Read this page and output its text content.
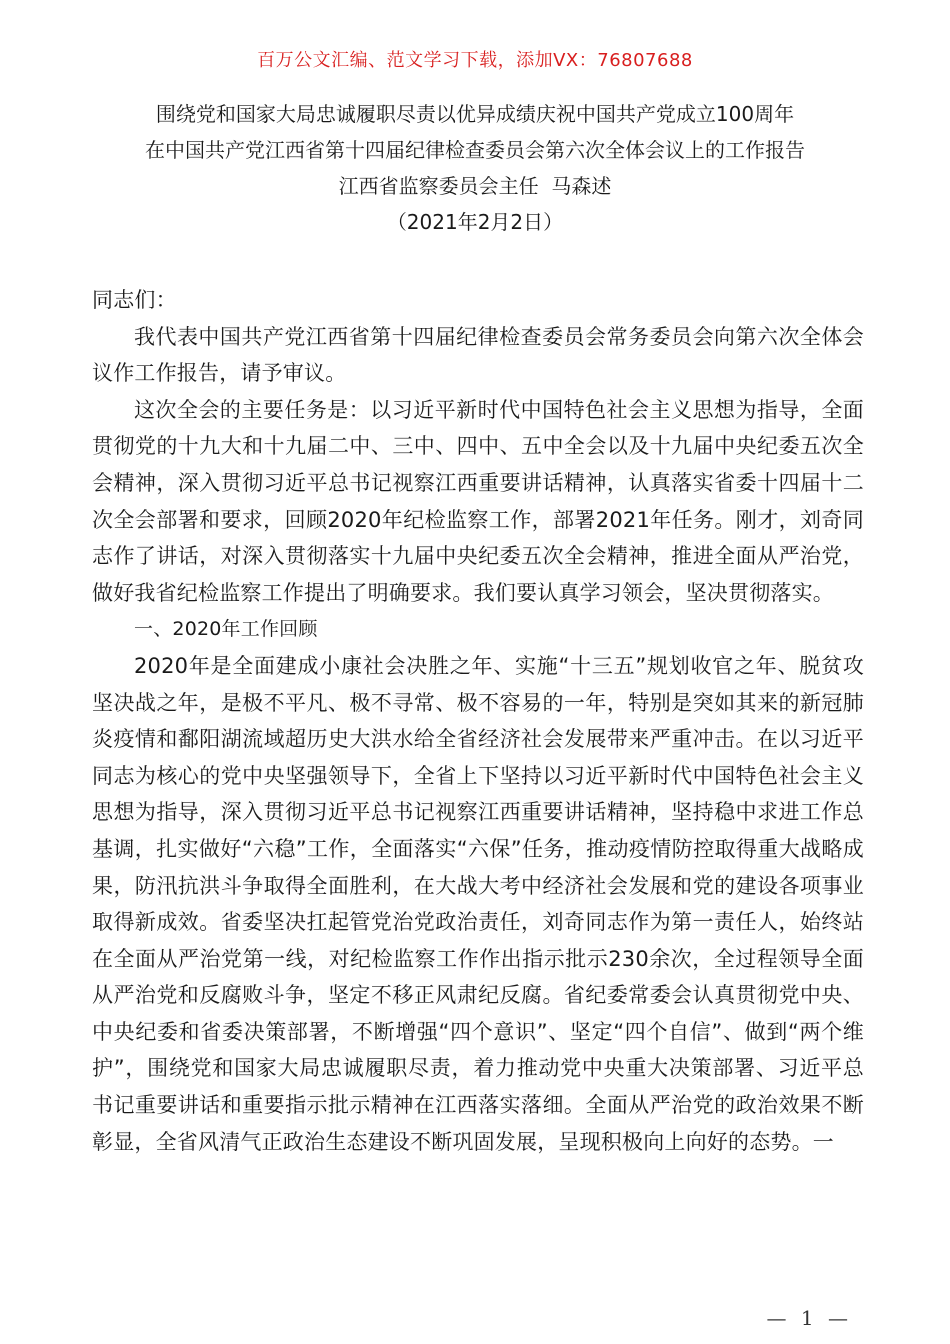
百万公文汇编、范文学习下载，添加VX：76807688
围绕党和国家大局忠诚履职尽责以优异成绩庆祝中国共产党成立100周年
在中国共产党江西省第十四届纪律检查委员会第六次全体会议上的工作报告
江西省监察委员会主任  马森述
（2021年2月2日）

同志们：

我代表中国共产党江西省第十四届纪律检查委员会常务委员会向第六次全体会议作工作报告，请予审议。

这次全会的主要任务是：以习近平新时代中国特色社会主义思想为指导，全面贯彻党的十九大和十九届二中、三中、四中、五中全会以及十九届中央纪委五次全会精神，深入贯彻习近平总书记视察江西重要讲话精神，认真落实省委十四届十二次全会部署和要求，回顾2020年纪检监察工作，部署2021年任务。刚才，刘奇同志作了讲话，对深入贯彻落实十九届中央纪委五次全会精神，推进全面从严治党，做好我省纪检监察工作提出了明确要求。我们要认真学习领会，坚决贯彻落实。

一、2020年工作回顾

2020年是全面建成小康社会决胜之年、实施“十三五”规划收官之年、脱贫攻坚决战之年，是极不平凡、极不寻常、极不容易的一年，特别是突如其来的新冠肺炎疫情和鄱阳湖流域超历史大洪水给全省经济社会发展带来严重冲击。在以习近平同志为核心的党中央坚强领导下，全省上下坚持以习近平新时代中国特色社会主义思想为指导，深入贯彻习近平总书记视察江西重要讲话精神，坚持稳中求进工作总基调，扎实做好“六稳”工作，全面落实“六保”任务，推动疫情防控取得重大战略成果，防汛抗洪斗争取得全面胜利，在大战大考中经济社会发展和党的建设各项事业取得新成效。省委坚决扛起管党治党政治责任，刘奇同志作为第一责任人，始终站在全面从严治党第一线，对纪检监察工作作出指示批示230余次，全过程领导全面从严治党和反腐败斗争，坚定不移正风肃纪反腐。省纪委常委会认真贯彻党中央、中央纪委和省委决策部署，不断增强“四个意识”、坚定“四个自信”、做到“两个维护”，围绕党和国家大局忠诚履职尽责，着力推动党中央重大决策部署、习近平总书记重要讲话和重要指示批示精神在江西落实落细。全面从严治党的政治效果不断彰显，全省风清气正政治生态建设不断巩固发展，呈现积极向上向好的态势。一

— 1 —
